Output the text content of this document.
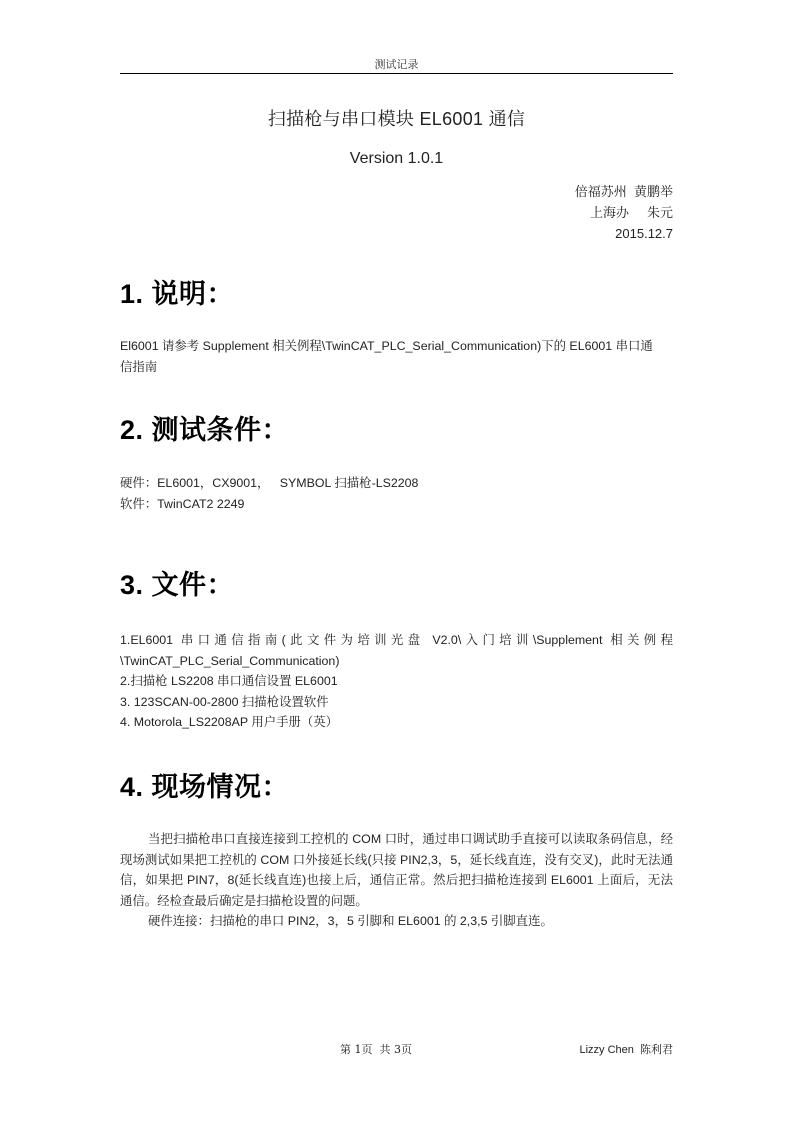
测试记录
扫描枪与串口模块 EL6001 通信
Version 1.0.1
倍福苏州  黄鹏举
上海办     朱元
2015.12.7
1. 说明：
El6001 请参考 Supplement 相关例程\TwinCAT_PLC_Serial_Communication)下的 EL6001 串口通
信指南
2. 测试条件：
硬件：EL6001，CX9001，   SYMBOL 扫描枪-LS2208
软件：TwinCAT2 2249
3. 文件：
1.EL6001 串口通信指南(此文件为培训光盘 V2.0\入门培训\Supplement 相关例程
\TwinCAT_PLC_Serial_Communication)
2.扫描枪 LS2208 串口通信设置 EL6001
3. 123SCAN-00-2800 扫描枪设置软件
4. Motorola_LS2208AP 用户手册（英）
4. 现场情况：
当把扫描枪串口直接连接到工控机的 COM 口时，通过串口调试助手直接可以读取条码信息，经现场测试如果把工控机的 COM 口外接延长线(只接 PIN2,3，5，延长线直连，没有交叉)，此时无法通信，如果把 PIN7，8(延长线直连)也接上后，通信正常。然后把扫描枪连接到 EL6001 上面后，无法通信。经检查最后确定是扫描枪设置的问题。
硬件连接：扫描枪的串口 PIN2，3，5 引脚和 EL6001 的 2,3,5 引脚直连。
第 1页  共 3页	Lizzy Chen  陈利君
